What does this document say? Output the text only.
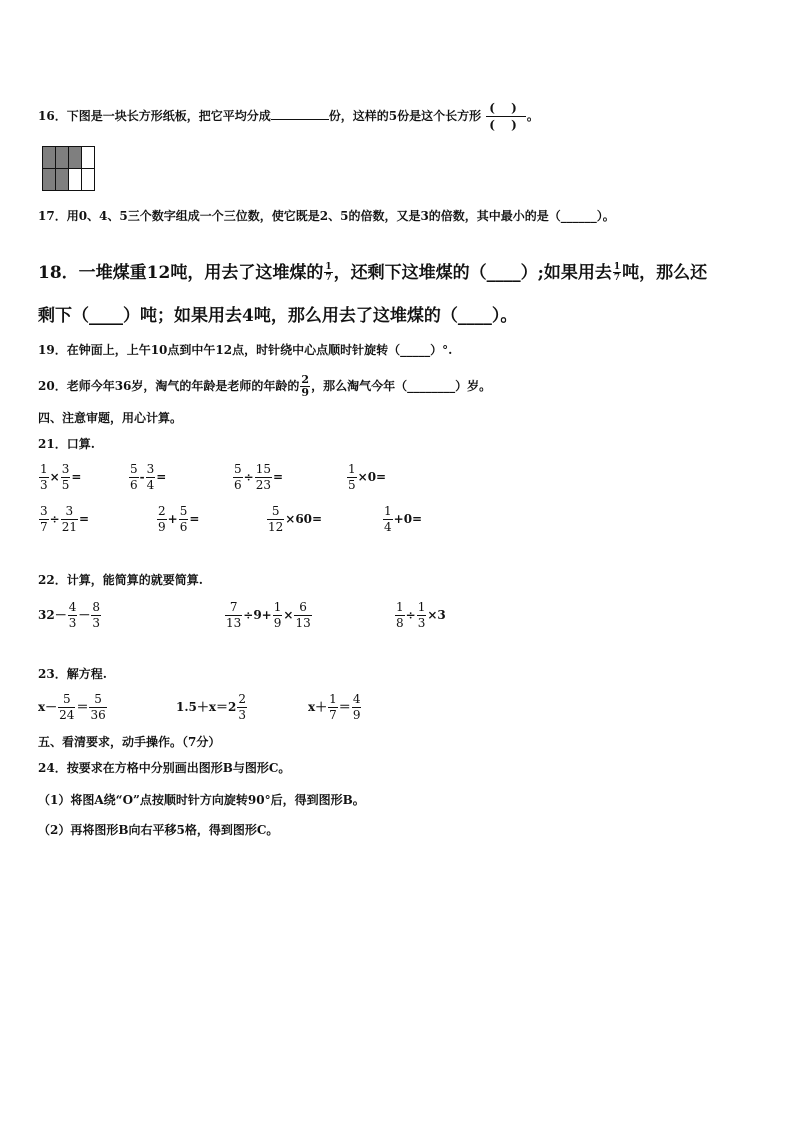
16．下图是一块长方形纸板，把它平均分成	份，这样的5份是这个长方形 $\frac{( )}{( )}$ 。
17．用0、4、5三个数字组成一个三位数，使它既是2、5的倍数，又是3的倍数，其中最小的是（______）。
18．一堆煤重12吨，用去了这堆煤的 $\frac{1}{7}$ ，还剩下这堆煤的（____）;如果用去 $\frac{1}{7}$ 吨，那么还
剩下（____）吨；如果用去4吨，那么用去了这堆煤的（____）。
19．在钟面上，上午10点到中午12点，时针绕中心点顺时针旋转（_____）°.
20．老师今年36岁，淘气的年龄是老师的年龄的 $\frac{2}{9}$ ，那么淘气今年（________）岁。
四、注意审题，用心计算。
21．口算.
$\frac{1}{3} \times \frac{3}{5}$ =	$\frac{5}{6} - \frac{3}{4}$ =	$\frac{5}{6} \div \frac{15}{23}$ =	$\frac{1}{5} \times 0=$
$\frac{3}{7} \div \frac{3}{21}$ =	$\frac{2}{9} + \frac{5}{6}$ =	$\frac{5}{12} \times 60=$	$\frac{1}{4} +0=$
22．计算，能简算的就要简算.
$32- \frac{4}{3} - \frac{8}{3}$	$\frac{7}{13} \div 9+ \frac{1}{9} \times \frac{6}{13}$	$\frac{1}{8} \div \frac{1}{3} \times 3$
23．解方程.
$x- \frac{5}{24} = \frac{5}{36}$	$1.5+x=2 \frac{2}{3}$	$x+ \frac{1}{7} = \frac{4}{9}$
五、看清要求，动手操作。（7分）
24．按要求在方格中分别画出图形B与图形C。
（1）将图A绕“O”点按顺时针方向旋转90°后，得到图形B。
（2）再将图形B向右平移5格，得到图形C。
